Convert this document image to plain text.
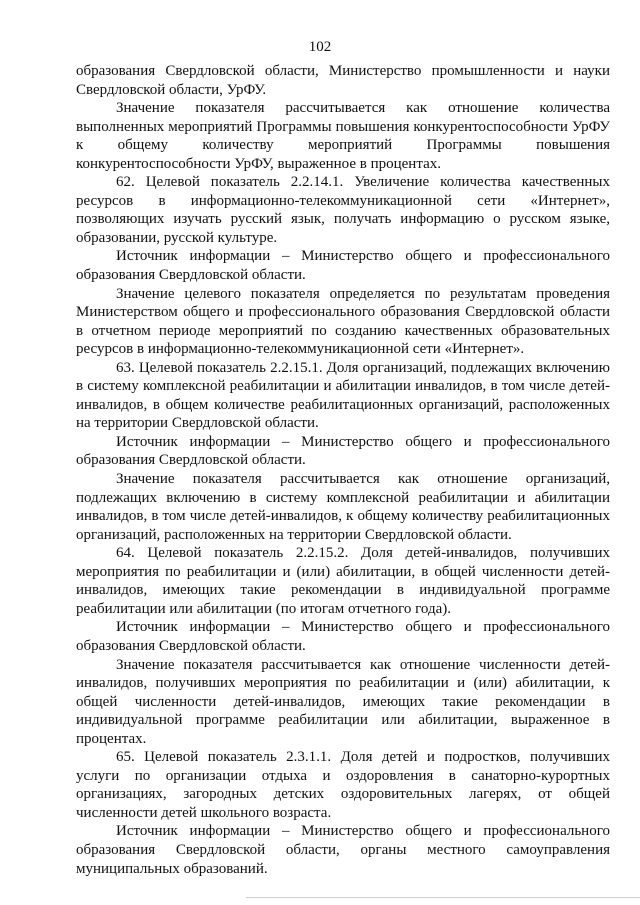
102

образования Свердловской области, Министерство промышленности и науки Свердловской области, УрФУ.

Значение показателя рассчитывается как отношение количества выполненных мероприятий Программы повышения конкурентоспособности УрФУ к общему количеству мероприятий Программы повышения конкурентоспособности УрФУ, выраженное в процентах.

62. Целевой показатель 2.2.14.1. Увеличение количества качественных ресурсов в информационно-телекоммуникационной сети «Интернет», позволяющих изучать русский язык, получать информацию о русском языке, образовании, русской культуре.

Источник информации – Министерство общего и профессионального образования Свердловской области.

Значение целевого показателя определяется по результатам проведения Министерством общего и профессионального образования Свердловской области в отчетном периоде мероприятий по созданию качественных образовательных ресурсов в информационно-телекоммуникационной сети «Интернет».

63. Целевой показатель 2.2.15.1. Доля организаций, подлежащих включению в систему комплексной реабилитации и абилитации инвалидов, в том числе детей-инвалидов, в общем количестве реабилитационных организаций, расположенных на территории Свердловской области.

Источник информации – Министерство общего и профессионального образования Свердловской области.

Значение показателя рассчитывается как отношение организаций, подлежащих включению в систему комплексной реабилитации и абилитации инвалидов, в том числе детей-инвалидов, к общему количеству реабилитационных организаций, расположенных на территории Свердловской области.

64. Целевой показатель 2.2.15.2. Доля детей-инвалидов, получивших мероприятия по реабилитации и (или) абилитации, в общей численности детей-инвалидов, имеющих такие рекомендации в индивидуальной программе реабилитации или абилитации (по итогам отчетного года).

Источник информации – Министерство общего и профессионального образования Свердловской области.

Значение показателя рассчитывается как отношение численности детей-инвалидов, получивших мероприятия по реабилитации и (или) абилитации, к общей численности детей-инвалидов, имеющих такие рекомендации в индивидуальной программе реабилитации или абилитации, выраженное в процентах.

65. Целевой показатель 2.3.1.1. Доля детей и подростков, получивших услуги по организации отдыха и оздоровления в санаторно-курортных организациях, загородных детских оздоровительных лагерях, от общей численности детей школьного возраста.

Источник информации – Министерство общего и профессионального образования Свердловской области, органы местного самоуправления муниципальных образований.
